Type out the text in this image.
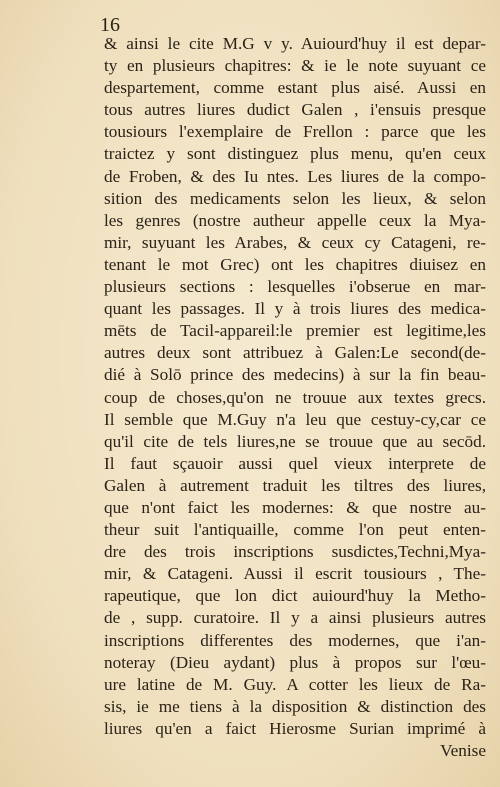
16
& ainsi le cite M.G v y. Auiourd'huy il est depar-
ty en plusieurs chapitres: & ie le note suyuant ce
despartement, comme estant plus aisé. Aussi en
tous autres liures dudict Galen , i'ensuis presque
tousiours l'exemplaire de Frellon : parce que les
traictez y sont distinguez plus menu, qu'en ceux
de Froben, & des Iu ntes. Les liures de la compo-
sition des medicaments selon les lieux, & selon
les genres (nostre autheur appelle ceux la Mya-
mir, suyuant les Arabes, & ceux cy Catageni, re-
tenant le mot Grec) ont les chapitres diuisez en
plusieurs sections : lesquelles i'obserue en mar-
quant les passages. Il y à trois liures des medica-
mēts de Tacil-appareil:le premier est legitime,les
autres deux sont attribuez à Galen:Le second(de-
dié à Solō prince des medecins) à sur la fin beau-
coup de choses,qu'on ne trouue aux textes grecs.
Il semble que M.Guy n'a leu que cestuy-cy,car ce
qu'il cite de tels liures,ne se trouue que au secōd.
Il faut sçauoir aussi quel vieux interprete de
Galen à autrement traduit les tiltres des liures,
que n'ont faict les modernes: & que nostre au-
theur suit l'antiquaille, comme l'on peut enten-
dre des trois inscriptions susdictes,Techni,Mya-
mir, & Catageni. Aussi il escrit tousiours , The-
rapeutique, que lon dict auiourd'huy la Metho-
de , supp. curatoire. Il y a ainsi plusieurs autres
inscriptions differentes des modernes, que i'an-
noteray (Dieu aydant) plus à propos sur l'œu-
ure latine de M. Guy. A cotter les lieux de Ra-
sis, ie me tiens à la disposition & distinction des
liures qu'en a faict Hierosme Surian imprimé à
Venise
